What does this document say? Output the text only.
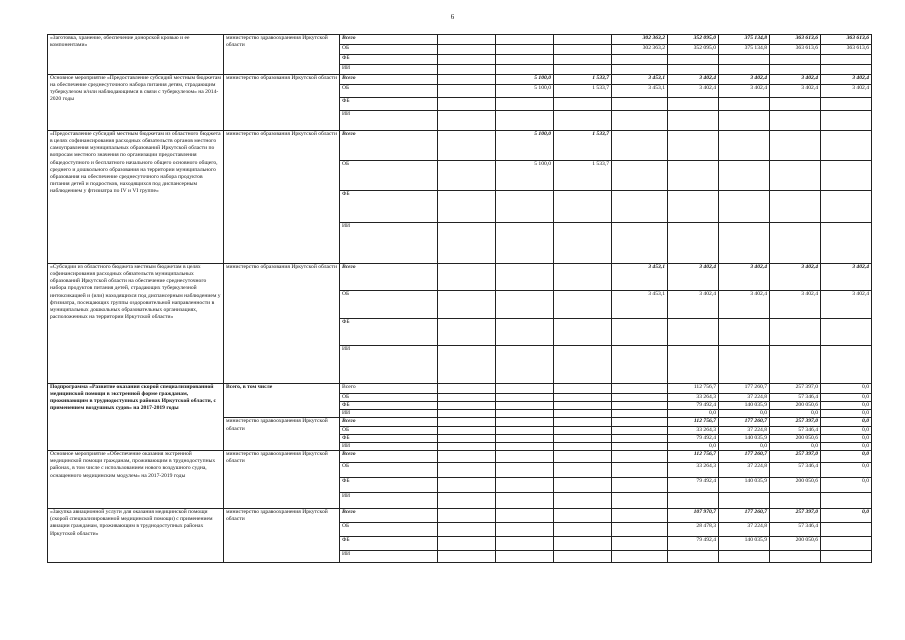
6
«Заготовка, хранение, обеспечение донорской кровью и ее компонентами»	министерство здравоохранения Иркутской области	Всего				302 363,2	352 095,0	375 134,8	363 613,6	363 613,6
		ОБ				302 363,2	352 095,0	375 134,8	363 613,6	363 613,6
		ФБ								
		ИИ								
Основное мероприятие «Предоставление субсидий местным бюджетам на обеспечение среднесуточного набора питания детям, страдающим туберкулезом и/или наблюдающимся в связи с туберкулезом» на 2014-2020 годы	министерство образования Иркутской области	Всего		5 100,0	1 533,7	3 453,1	3 402,4	3 402,4	3 402,4	3 402,4
		ОБ		5 100,0	1 533,7	3 453,1	3 402,4	3 402,4	3 402,4	3 402,4
		ФБ								
		ИИ								
«Предоставление субсидий местным бюджетам из областного бюджета в целях софинансирования расходных обязательств органов местного самоуправления муниципальных образований Иркутской области по вопросам местного значения по организации предоставления общедоступного и бесплатного начального общего основного общего, среднего и дошкольного образования на территории муниципального образования на обеспечение среднесуточного набора продуктов питания детей и подростков, находящихся под диспансерным наблюдением у фтизиатра по IV и VI группе»	министерство образования Иркутской области	Всего		5 100,0	1 533,7					
		ОБ		5 100,0	1 533,7					
		ФБ								
		ИИ								
«Субсидии из областного бюджета местным бюджетам в целях софинансирования расходных обязательств муниципальных образований Иркутской области на обеспечение среднесуточного набора продуктов питания детей, страдающих туберкулезной интоксикацией и (или) находящихся под диспансерным наблюдением у фтизиатра, посещающих группы оздоровительной направленности в муниципальных дошкольных образовательных организациях, расположенных на территории Иркутской области»	министерство образования Иркутской области	Всего				3 453,1	3 402,4	3 402,4	3 402,4	3 402,4
		ОБ				3 453,1	3 402,4	3 402,4	3 402,4	3 402,4
		ФБ								
		ИИ								
Подпрограмма «Развитие оказания скорой специализированной медицинской помощи в экстренной форме гражданам, проживающим в труднодоступных районах Иркутской области, с применением воздушных судов» на 2017-2019 годы	Всего, в том числе	Всего					112 756,7	177 260,7	257 397,0	0,0
		ОБ					33 264,3	37 224,8	57 346,4	0,0
		ФБ					79 492,4	140 035,9	200 050,6	0,0
		ИИ					0,0	0,0	0,0	0,0
	министерство здравоохранения Иркутской области	Всего					112 756,7	177 260,7	257 397,0	0,0
		ОБ					33 264,3	37 224,8	57 346,4	0,0
		ФБ					79 492,4	140 035,9	200 050,6	0,0
		ИИ					0,0	0,0	0,0	0,0
Основное мероприятие «Обеспечение оказания экстренной медицинской помощи гражданам, проживающим в труднодоступных районах, в том числе с использованием нового воздушного судна, оснащенного медицинским модулем» на 2017-2019 годы	министерство здравоохранения Иркутской области	Всего					112 756,7	177 260,7	257 397,0	0,0
		ОБ					33 264,3	37 224,8	57 346,4	0,0
		ФБ					79 492,4	140 035,9	200 050,6	0,0
		ИИ								
«Закупка авиационной услуги для оказания медицинской помощи (скорой специализированной медицинской помощи) с применением авиации гражданам, проживающим в труднодоступных районах Иркутской области»	министерство здравоохранения Иркутской области	Всего					107 970,7	177 260,7	257 397,0	0,0
		ОБ					28 478,3	37 224,8	57 346,4	
		ФБ					79 492,4	140 035,9	200 050,6	
		ИИ								
